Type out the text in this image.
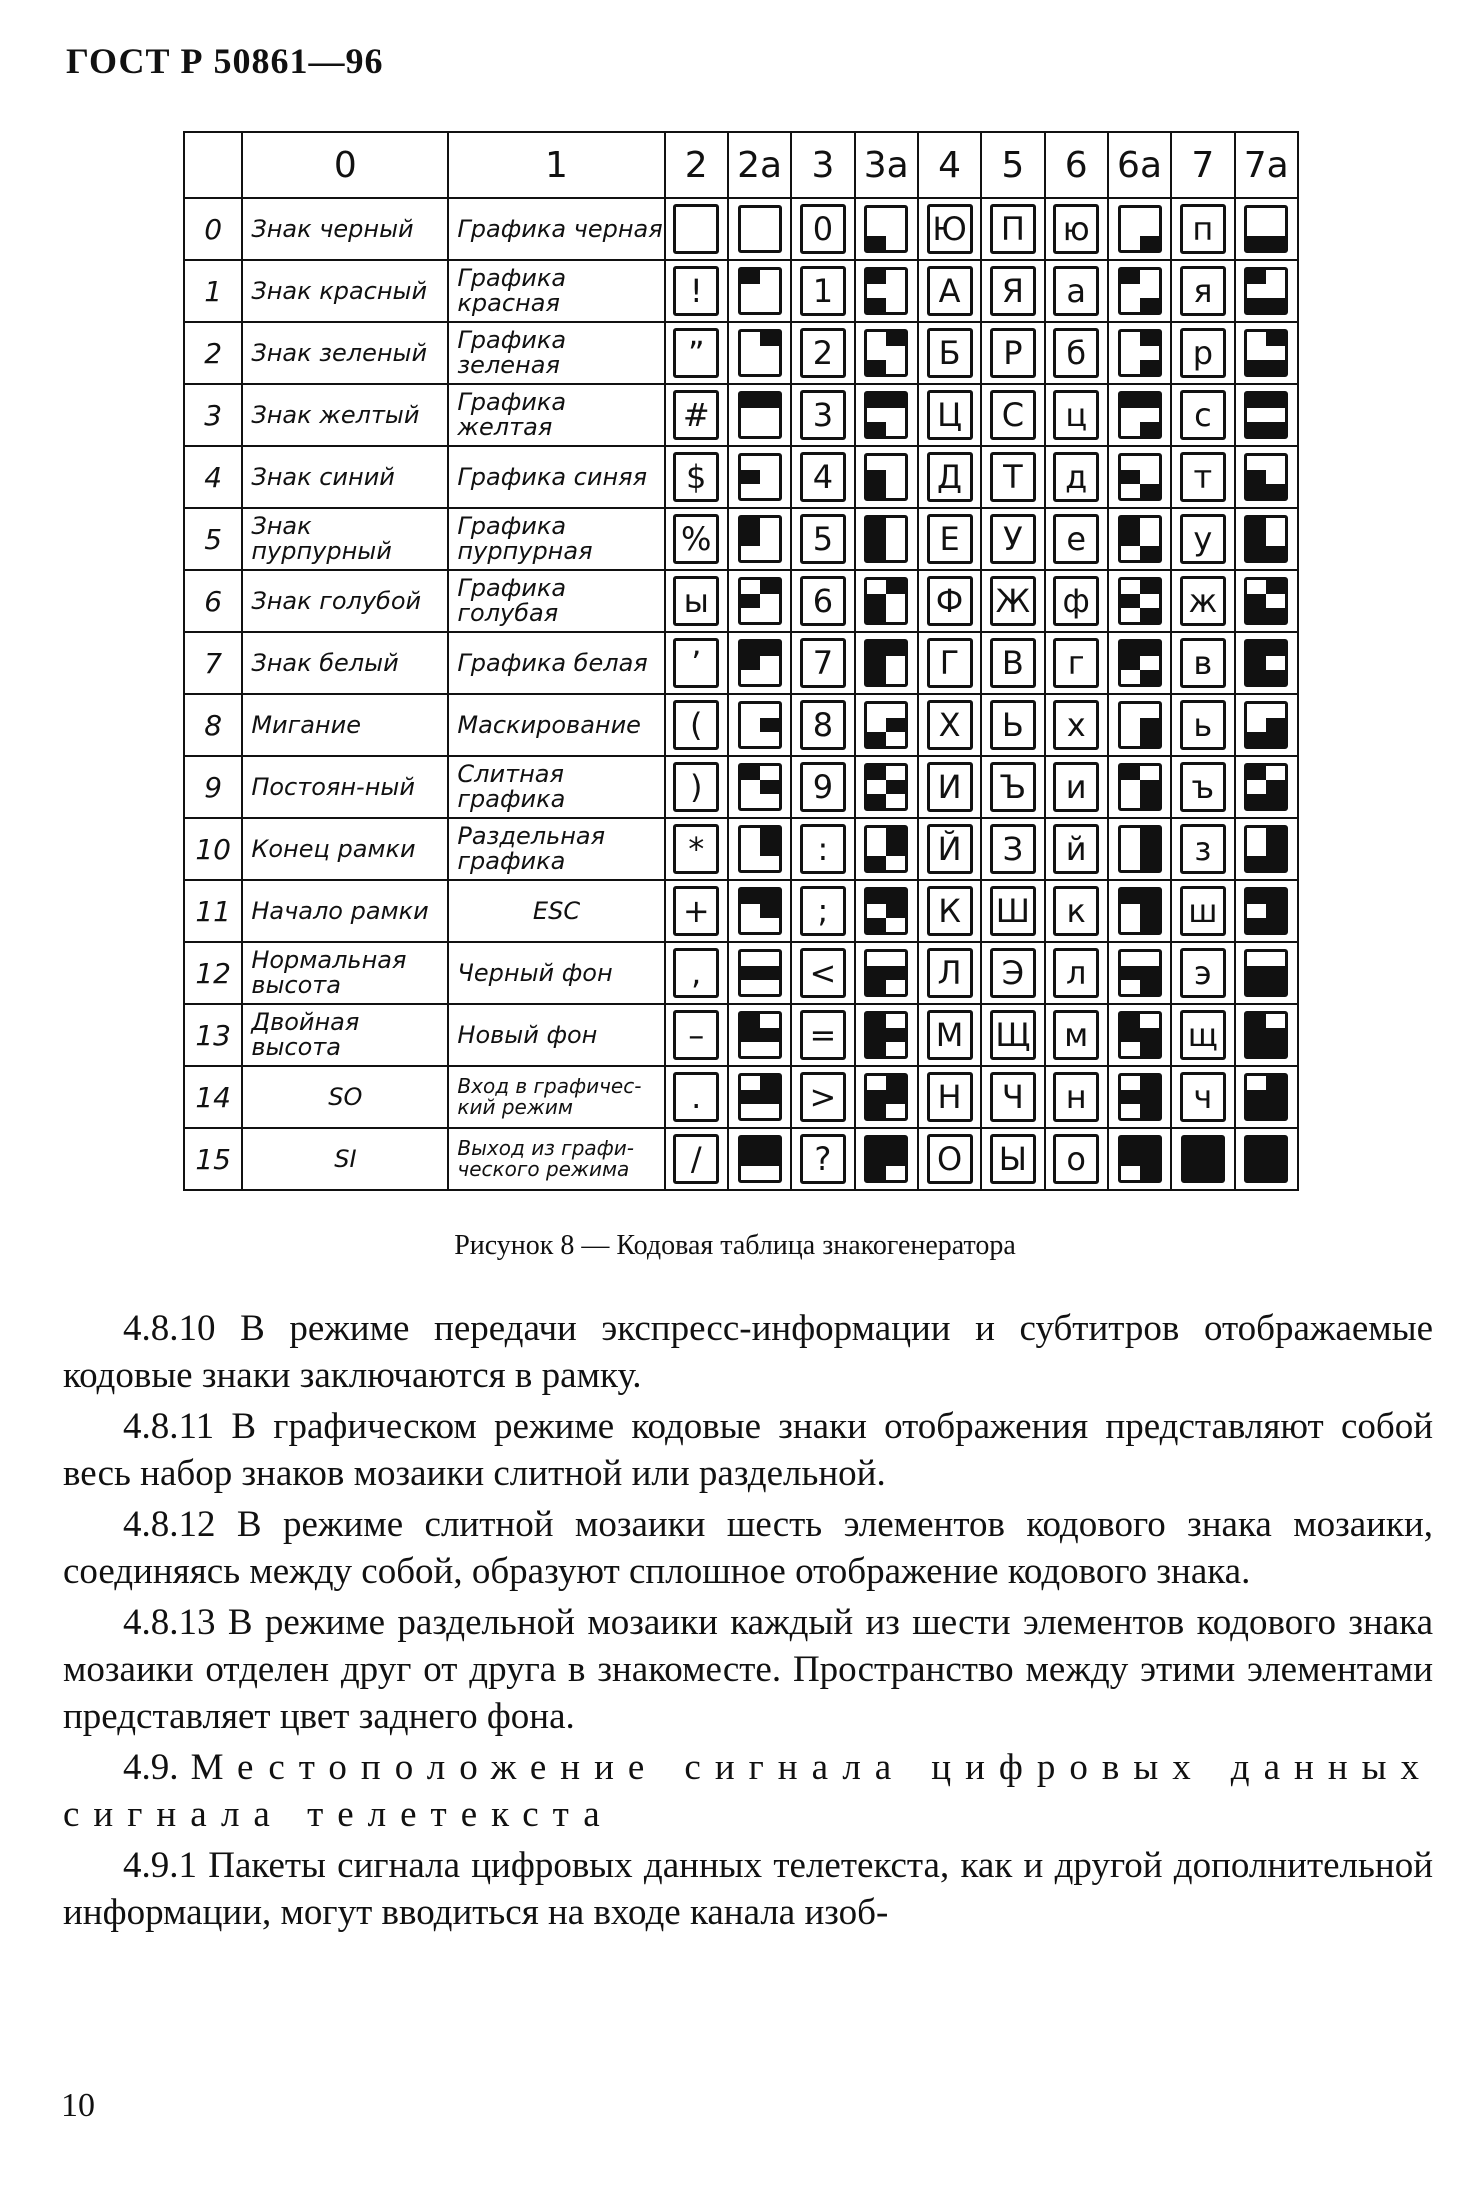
ГОСТ Р 50861—96
	0	1	2	2a	3	3a	4	5	6	6a	7	7a
0	Знак черный	Графика черная			0		Ю	П	ю		п	

1	Знак красный	Графика красная	!		1		А	Я	а		я	

2	Знак зеленый	Графика зеленая	”		2		Б	Р	б		р	

3	Знак желтый	Графика желтая	#		3		Ц	С	ц		с	

4	Знак синий	Графика синяя	$		4		Д	Т	д		т	

5	Знак пурпурный	Графика пурпурная	%		5		Е	У	е		у	

6	Знак голубой	Графика голубая	ы		6		Ф	Ж	ф		ж	

7	Знак белый	Графика белая	’		7		Г	В	г		в	

8	Мигание	Маскирование	(		8		Х	Ь	х		ь	

9	Постоян-ный	Слитная графика	)		9		И	Ъ	и		ъ	

10	Конец рамки	Раздельная графика	*		:		Й	З	й		з	

11	Начало рамки	ESC	+		;		К	Ш	к		ш	

12	Нормальная высота	Черный фон	,		<		Л	Э	л		э	

13	Двойная высота	Новый фон	–		=		М	Щ	м		щ	

14	SO	Вход в графичес-кий режим	.		>		Н	Ч	н		ч	

15	SI	Выход из графи-ческого режима	/		?		О	Ы	о	

Рисунок 8 — Кодовая таблица знакогенератора

4.8.10 В режиме передачи экспресс-информации и субтитров отображаемые кодовые знаки заключаются в рамку.

4.8.11 В графическом режиме кодовые знаки отображения представляют собой весь набор знаков мозаики слитной или раздельной.

4.8.12 В режиме слитной мозаики шесть элементов кодового знака мозаики, соединяясь между собой, образуют сплошное отображение кодового знака.

4.8.13 В режиме раздельной мозаики каждый из шести элементов кодового знака мозаики отделен друг от друга в знакоместе. Пространство между этими элементами представляет цвет заднего фона.

4.9. Местоположение сигнала цифровых данных сигнала телетекста

4.9.1 Пакеты сигнала цифровых данных телетекста, как и другой дополнительной информации, могут вводиться на входе канала изоб-

10
